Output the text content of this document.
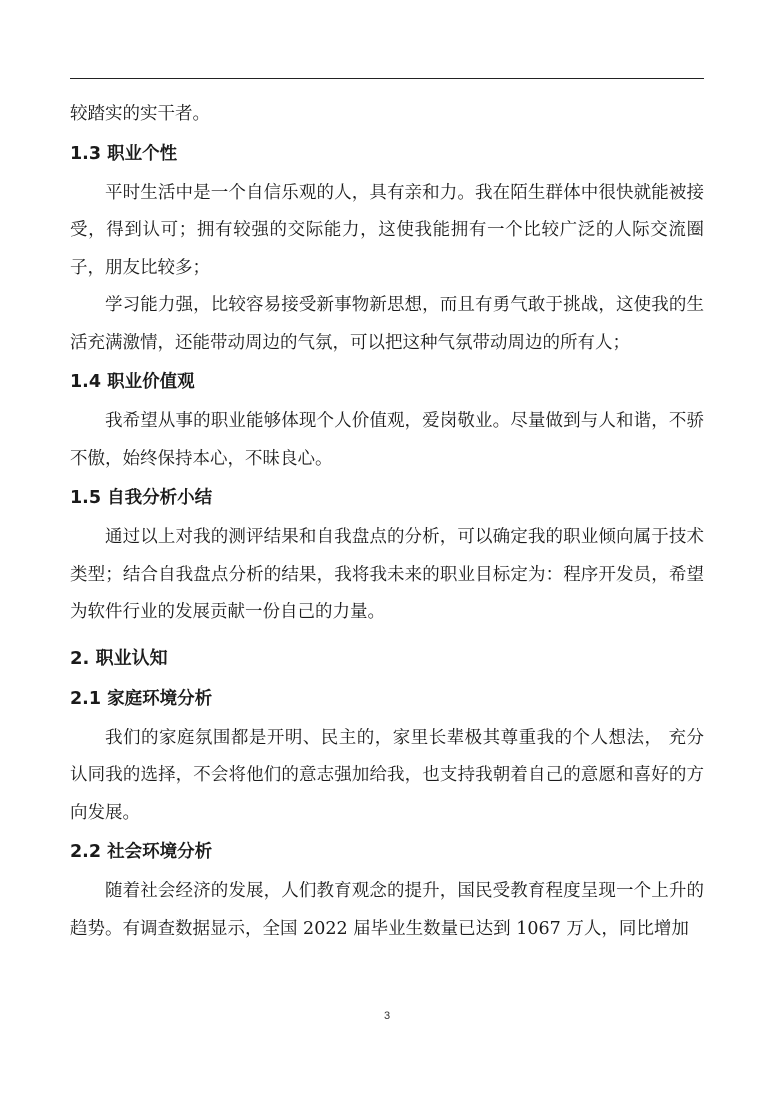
较踏实的实干者。

1.3 职业个性

平时生活中是一个自信乐观的人，具有亲和力。我在陌生群体中很快就能被接受，得到认可；拥有较强的交际能力，这使我能拥有一个比较广泛的人际交流圈子，朋友比较多；

学习能力强，比较容易接受新事物新思想，而且有勇气敢于挑战，这使我的生活充满激情，还能带动周边的气氛，可以把这种气氛带动周边的所有人；

1.4 职业价值观

我希望从事的职业能够体现个人价值观，爱岗敬业。尽量做到与人和谐，不骄不傲，始终保持本心，不昧良心。

1.5 自我分析小结

通过以上对我的测评结果和自我盘点的分析，可以确定我的职业倾向属于技术类型；结合自我盘点分析的结果，我将我未来的职业目标定为：程序开发员，希望为软件行业的发展贡献一份自己的力量。

2. 职业认知

2.1 家庭环境分析

我们的家庭氛围都是开明、民主的，家里长辈极其尊重我的个人想法， 充分认同我的选择，不会将他们的意志强加给我，也支持我朝着自己的意愿和喜好的方向发展。

2.2 社会环境分析

随着社会经济的发展，人们教育观念的提升，国民受教育程度呈现一个上升的趋势。有调查数据显示，全国 2022 届毕业生数量已达到 1067 万人，同比增加

3
